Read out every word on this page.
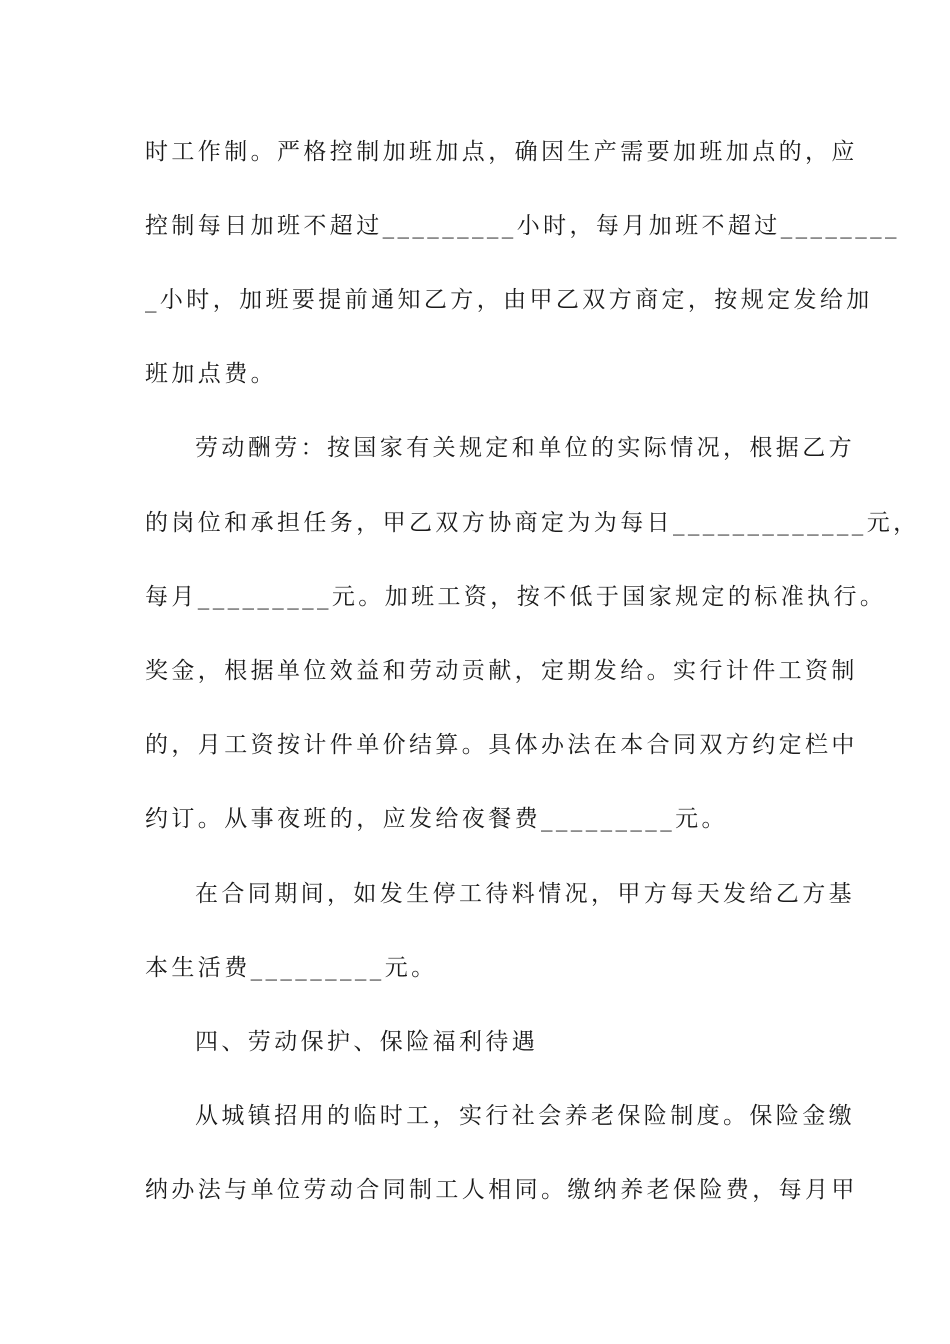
时工作制。严格控制加班加点，确因生产需要加班加点的，应
控制每日加班不超过_________小时，每月加班不超过________
_小时，加班要提前通知乙方，由甲乙双方商定，按规定发给加
班加点费。
劳动酬劳：按国家有关规定和单位的实际情况，根据乙方
的岗位和承担任务，甲乙双方协商定为为每日_____________元，
每月_________元。加班工资，按不低于国家规定的标准执行。
奖金，根据单位效益和劳动贡献，定期发给。实行计件工资制
的，月工资按计件单价结算。具体办法在本合同双方约定栏中
约订。从事夜班的，应发给夜餐费_________元。
在合同期间，如发生停工待料情况，甲方每天发给乙方基
本生活费_________元。
四、劳动保护、保险福利待遇
从城镇招用的临时工，实行社会养老保险制度。保险金缴
纳办法与单位劳动合同制工人相同。缴纳养老保险费，每月甲
